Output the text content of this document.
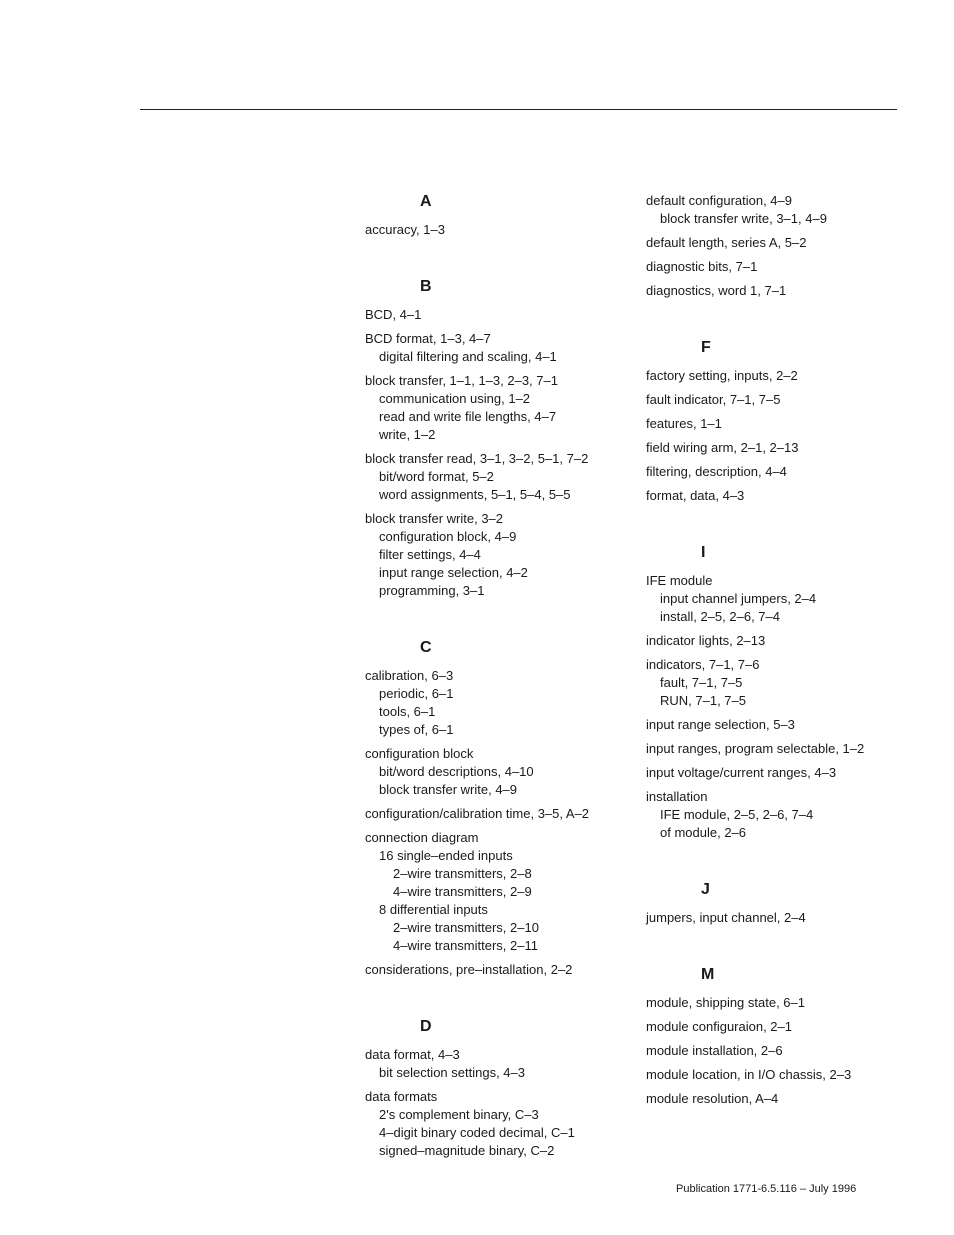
A
accuracy, 1–3
B
BCD, 4–1
BCD format, 1–3, 4–7
digital filtering and scaling, 4–1
block transfer, 1–1, 1–3, 2–3, 7–1
communication using, 1–2
read and write file lengths, 4–7
write, 1–2
block transfer read, 3–1, 3–2, 5–1, 7–2
bit/word format, 5–2
word assignments, 5–1, 5–4, 5–5
block transfer write, 3–2
configuration block, 4–9
filter settings, 4–4
input range selection, 4–2
programming, 3–1
C
calibration, 6–3
periodic, 6–1
tools, 6–1
types of, 6–1
configuration block
bit/word descriptions, 4–10
block transfer write, 4–9
configuration/calibration time, 3–5, A–2
connection diagram
16 single–ended inputs
2–wire transmitters, 2–8
4–wire transmitters, 2–9
8 differential inputs
2–wire transmitters, 2–10
4–wire transmitters, 2–11
considerations, pre–installation, 2–2
D
data format, 4–3
bit selection settings, 4–3
data formats
2's complement binary, C–3
4–digit binary coded decimal, C–1
signed–magnitude binary, C–2
default configuration, 4–9
block transfer write, 3–1, 4–9
default length, series A, 5–2
diagnostic bits, 7–1
diagnostics, word 1, 7–1
F
factory setting, inputs, 2–2
fault indicator, 7–1, 7–5
features, 1–1
field wiring arm, 2–1, 2–13
filtering, description, 4–4
format, data, 4–3
I
IFE module
input channel jumpers, 2–4
install, 2–5, 2–6, 7–4
indicator lights, 2–13
indicators, 7–1, 7–6
fault, 7–1, 7–5
RUN, 7–1, 7–5
input range selection, 5–3
input ranges, program selectable, 1–2
input voltage/current ranges, 4–3
installation
IFE module, 2–5, 2–6, 7–4
of module, 2–6
J
jumpers, input channel, 2–4
M
module, shipping state, 6–1
module configuraion, 2–1
module installation, 2–6
module location, in I/O chassis, 2–3
module resolution, A–4
Publication 1771-6.5.116 – July 1996
